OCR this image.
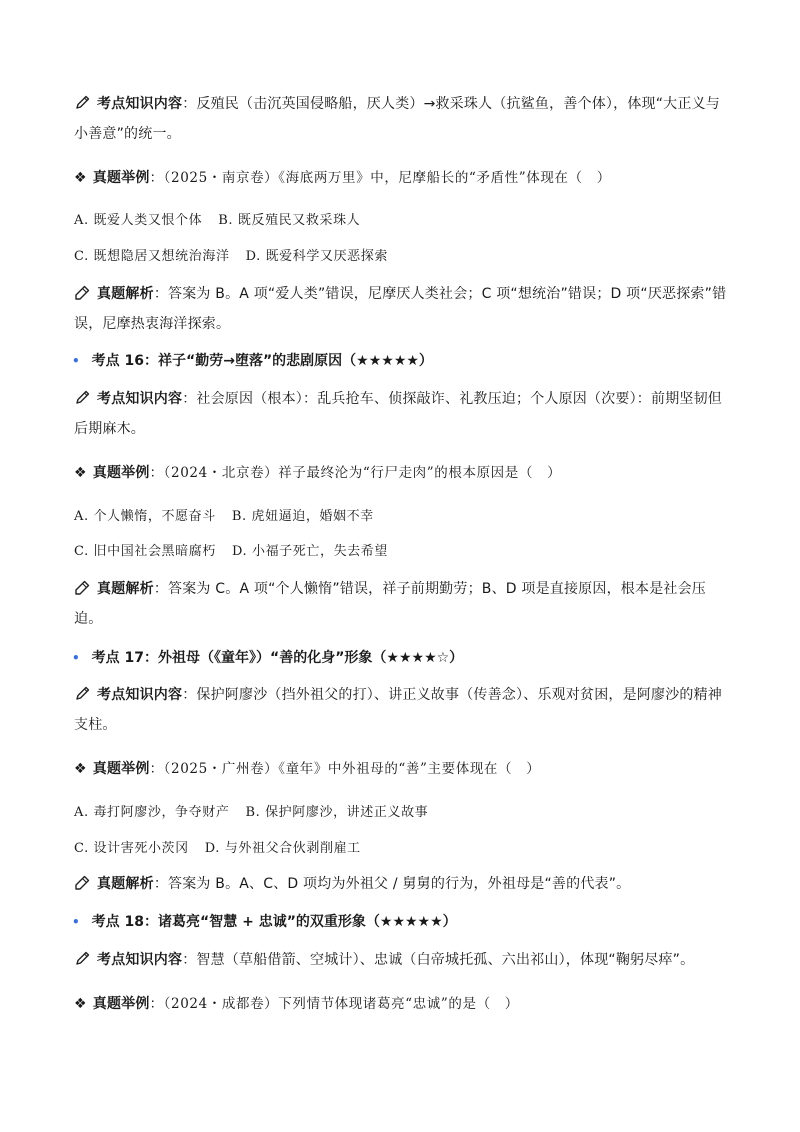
考点知识内容：反殖民（击沉英国侵略船，厌人类）→救采珠人（抗鲨鱼，善个体），体现“大正义与小善意”的统一。
❖ 真题举例：（2025・南京卷）《海底两万里》中，尼摩船长的“矛盾性”体现在（　）
A. 既爱人类又恨个体 B. 既反殖民又救采珠人
C. 既想隐居又想统治海洋 D. 既爱科学又厌恶探索
真题解析：答案为 B。A 项“爱人类”错误，尼摩厌人类社会；C 项“想统治”错误；D 项“厌恶探索”错误，尼摩热衷海洋探索。
• 考点 16：祥子“勤劳→堕落”的悲剧原因（★★★★★）
考点知识内容：社会原因（根本）：乱兵抢车、侦探敲诈、礼教压迫；个人原因（次要）：前期坚韧但后期麻木。
❖ 真题举例：（2024・北京卷）祥子最终沦为“行尸走肉”的根本原因是（　）
A. 个人懒惰，不愿奋斗 B. 虎妞逼迫，婚姻不幸
C. 旧中国社会黑暗腐朽 D. 小福子死亡，失去希望
真题解析：答案为 C。A 项“个人懒惰”错误，祥子前期勤劳；B、D 项是直接原因，根本是社会压迫。
• 考点 17：外祖母（《童年》）“善的化身”形象（★★★★☆）
考点知识内容：保护阿廖沙（挡外祖父的打）、讲正义故事（传善念）、乐观对贫困，是阿廖沙的精神支柱。
❖ 真题举例：（2025・广州卷）《童年》中外祖母的“善”主要体现在（　）
A. 毒打阿廖沙，争夺财产 B. 保护阿廖沙，讲述正义故事
C. 设计害死小茨冈 D. 与外祖父合伙剥削雇工
真题解析：答案为 B。A、C、D 项均为外祖父 / 舅舅的行为，外祖母是“善的代表”。
• 考点 18：诸葛亮“智慧 + 忠诚”的双重形象（★★★★★）
考点知识内容：智慧（草船借箭、空城计）、忠诚（白帝城托孤、六出祁山），体现“鞠躬尽瘁”。
❖ 真题举例：（2024・成都卷）下列情节体现诸葛亮“忠诚”的是（　）
